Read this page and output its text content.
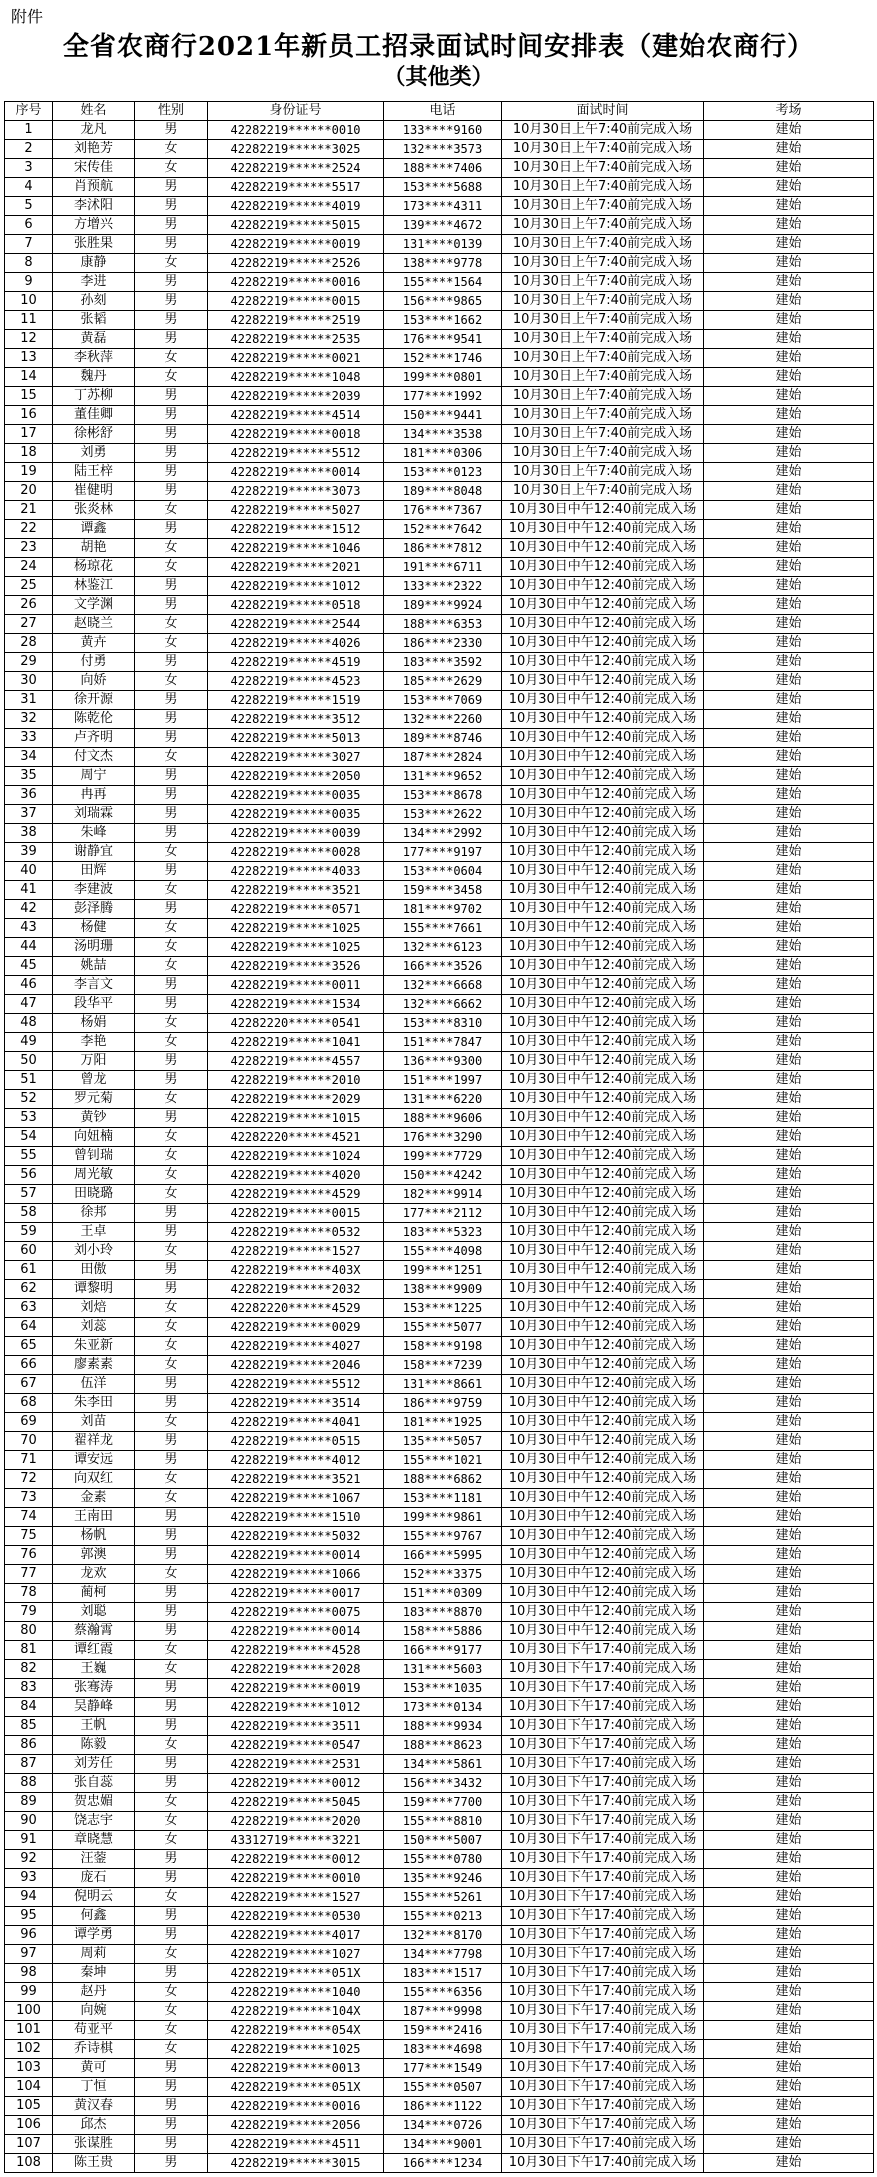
附件
全省农商行2021年新员工招录面试时间安排表（建始农商行）
（其他类）
序号	姓名	性别	身份证号	电话	面试时间	考场
1	龙凡	男	42282219******0010	133****9160	10月30日上午7:40前完成入场	建始
2	刘艳芳	女	42282219******3025	132****3573	10月30日上午7:40前完成入场	建始
3	宋传佳	女	42282219******2524	188****7406	10月30日上午7:40前完成入场	建始
4	肖预航	男	42282219******5517	153****5688	10月30日上午7:40前完成入场	建始
5	李沭阳	男	42282219******4019	173****4311	10月30日上午7:40前完成入场	建始
6	方增兴	男	42282219******5015	139****4672	10月30日上午7:40前完成入场	建始
7	张胜果	男	42282219******0019	131****0139	10月30日上午7:40前完成入场	建始
8	康静	女	42282219******2526	138****9778	10月30日上午7:40前完成入场	建始
9	李进	男	42282219******0016	155****1564	10月30日上午7:40前完成入场	建始
10	孙刻	男	42282219******0015	156****9865	10月30日上午7:40前完成入场	建始
11	张韬	男	42282219******2519	153****1662	10月30日上午7:40前完成入场	建始
12	黄磊	男	42282219******2535	176****9541	10月30日上午7:40前完成入场	建始
13	李秋萍	女	42282219******0021	152****1746	10月30日上午7:40前完成入场	建始
14	魏丹	女	42282219******1048	199****0801	10月30日上午7:40前完成入场	建始
15	丁苏柳	男	42282219******2039	177****1992	10月30日上午7:40前完成入场	建始
16	董佳卿	男	42282219******4514	150****9441	10月30日上午7:40前完成入场	建始
17	徐彬舒	男	42282219******0018	134****3538	10月30日上午7:40前完成入场	建始
18	刘勇	男	42282219******5512	181****0306	10月30日上午7:40前完成入场	建始
19	陆王梓	男	42282219******0014	153****0123	10月30日上午7:40前完成入场	建始
20	崔健明	男	42282219******3073	189****8048	10月30日上午7:40前完成入场	建始
21	张炎林	女	42282219******5027	176****7367	10月30日中午12:40前完成入场	建始
22	谭鑫	男	42282219******1512	152****7642	10月30日中午12:40前完成入场	建始
23	胡艳	女	42282219******1046	186****7812	10月30日中午12:40前完成入场	建始
24	杨琼花	女	42282219******2021	191****6711	10月30日中午12:40前完成入场	建始
25	林鉴江	男	42282219******1012	133****2322	10月30日中午12:40前完成入场	建始
26	文学渊	男	42282219******0518	189****9924	10月30日中午12:40前完成入场	建始
27	赵晓兰	女	42282219******2544	188****6353	10月30日中午12:40前完成入场	建始
28	黄卉	女	42282219******4026	186****2330	10月30日中午12:40前完成入场	建始
29	付勇	男	42282219******4519	183****3592	10月30日中午12:40前完成入场	建始
30	向娇	女	42282219******4523	185****2629	10月30日中午12:40前完成入场	建始
31	徐开源	男	42282219******1519	153****7069	10月30日中午12:40前完成入场	建始
32	陈乾伦	男	42282219******3512	132****2260	10月30日中午12:40前完成入场	建始
33	卢齐明	男	42282219******5013	189****8746	10月30日中午12:40前完成入场	建始
34	付文杰	女	42282219******3027	187****2824	10月30日中午12:40前完成入场	建始
35	周宁	男	42282219******2050	131****9652	10月30日中午12:40前完成入场	建始
36	冉再	男	42282219******0035	153****8678	10月30日中午12:40前完成入场	建始
37	刘瑞霖	男	42282219******0035	153****2622	10月30日中午12:40前完成入场	建始
38	朱峰	男	42282219******0039	134****2992	10月30日中午12:40前完成入场	建始
39	谢静宜	女	42282219******0028	177****9197	10月30日中午12:40前完成入场	建始
40	田辉	男	42282219******4033	153****0604	10月30日中午12:40前完成入场	建始
41	李建波	女	42282219******3521	159****3458	10月30日中午12:40前完成入场	建始
42	彭泽腾	男	42282219******0571	181****9702	10月30日中午12:40前完成入场	建始
43	杨健	女	42282219******1025	155****7661	10月30日中午12:40前完成入场	建始
44	汤明珊	女	42282219******1025	132****6123	10月30日中午12:40前完成入场	建始
45	姚喆	女	42282219******3526	166****3526	10月30日中午12:40前完成入场	建始
46	李言文	男	42282219******0011	132****6668	10月30日中午12:40前完成入场	建始
47	段华平	男	42282219******1534	132****6662	10月30日中午12:40前完成入场	建始
48	杨娟	女	42282220******0541	153****8310	10月30日中午12:40前完成入场	建始
49	李艳	女	42282219******1041	151****7847	10月30日中午12:40前完成入场	建始
50	万阳	男	42282219******4557	136****9300	10月30日中午12:40前完成入场	建始
51	曾龙	男	42282219******2010	151****1997	10月30日中午12:40前完成入场	建始
52	罗元菊	女	42282219******2029	131****6220	10月30日中午12:40前完成入场	建始
53	黄钞	男	42282219******1015	188****9606	10月30日中午12:40前完成入场	建始
54	向妞楠	女	42282220******4521	176****3290	10月30日中午12:40前完成入场	建始
55	曾钊瑞	女	42282219******1024	199****7729	10月30日中午12:40前完成入场	建始
56	周光敏	女	42282219******4020	150****4242	10月30日中午12:40前完成入场	建始
57	田晓璐	女	42282219******4529	182****9914	10月30日中午12:40前完成入场	建始
58	徐邦	男	42282219******0015	177****2112	10月30日中午12:40前完成入场	建始
59	王卓	男	42282219******0532	183****5323	10月30日中午12:40前完成入场	建始
60	刘小玲	女	42282219******1527	155****4098	10月30日中午12:40前完成入场	建始
61	田傲	男	42282219******403X	199****1251	10月30日中午12:40前完成入场	建始
62	谭黎明	男	42282219******2032	138****9909	10月30日中午12:40前完成入场	建始
63	刘焙	女	42282220******4529	153****1225	10月30日中午12:40前完成入场	建始
64	刘蕊	女	42282219******0029	155****5077	10月30日中午12:40前完成入场	建始
65	朱亚新	女	42282219******4027	158****9198	10月30日中午12:40前完成入场	建始
66	廖素素	女	42282219******2046	158****7239	10月30日中午12:40前完成入场	建始
67	伍洋	男	42282219******5512	131****8661	10月30日中午12:40前完成入场	建始
68	朱李田	男	42282219******3514	186****9759	10月30日中午12:40前完成入场	建始
69	刘苗	女	42282219******4041	181****1925	10月30日中午12:40前完成入场	建始
70	翟祥龙	男	42282219******0515	135****5057	10月30日中午12:40前完成入场	建始
71	谭安远	男	42282219******4012	155****1021	10月30日中午12:40前完成入场	建始
72	向双红	女	42282219******3521	188****6862	10月30日中午12:40前完成入场	建始
73	金素	女	42282219******1067	153****1181	10月30日中午12:40前完成入场	建始
74	王南田	男	42282219******1510	199****9861	10月30日中午12:40前完成入场	建始
75	杨帆	男	42282219******5032	155****9767	10月30日中午12:40前完成入场	建始
76	郭澳	男	42282219******0014	166****5995	10月30日中午12:40前完成入场	建始
77	龙欢	女	42282219******1066	152****3375	10月30日中午12:40前完成入场	建始
78	蔺柯	男	42282219******0017	151****0309	10月30日中午12:40前完成入场	建始
79	刘聪	男	42282219******0075	183****8870	10月30日中午12:40前完成入场	建始
80	蔡瀚霄	男	42282219******0014	158****5886	10月30日中午12:40前完成入场	建始
81	谭红霞	女	42282219******4528	166****9177	10月30日下午17:40前完成入场	建始
82	王巍	女	42282219******2028	131****5603	10月30日下午17:40前完成入场	建始
83	张骞涛	男	42282219******0019	153****1035	10月30日下午17:40前完成入场	建始
84	吴静峰	男	42282219******1012	173****0134	10月30日下午17:40前完成入场	建始
85	王帆	男	42282219******3511	188****9934	10月30日下午17:40前完成入场	建始
86	陈毅	女	42282219******0547	188****8623	10月30日下午17:40前完成入场	建始
87	刘芳任	男	42282219******2531	134****5861	10月30日下午17:40前完成入场	建始
88	张自蕊	男	42282219******0012	156****3432	10月30日下午17:40前完成入场	建始
89	贺忠媚	女	42282219******5045	159****7700	10月30日下午17:40前完成入场	建始
90	饶志宇	女	42282219******2020	155****8810	10月30日下午17:40前完成入场	建始
91	章晓慧	女	43312719******3221	150****5007	10月30日下午17:40前完成入场	建始
92	汪蓥	男	42282219******0012	155****0780	10月30日下午17:40前完成入场	建始
93	庞石	男	42282219******0010	135****9246	10月30日下午17:40前完成入场	建始
94	倪明云	女	42282219******1527	155****5261	10月30日下午17:40前完成入场	建始
95	何鑫	男	42282219******0530	155****0213	10月30日下午17:40前完成入场	建始
96	谭学勇	男	42282219******4017	132****8170	10月30日下午17:40前完成入场	建始
97	周莉	女	42282219******1027	134****7798	10月30日下午17:40前完成入场	建始
98	秦坤	男	42282219******051X	183****1517	10月30日下午17:40前完成入场	建始
99	赵丹	女	42282219******1040	155****6356	10月30日下午17:40前完成入场	建始
100	向婉	女	42282219******104X	187****9998	10月30日下午17:40前完成入场	建始
101	苟亚平	女	42282219******054X	159****2416	10月30日下午17:40前完成入场	建始
102	乔诗棋	女	42282219******1025	183****4698	10月30日下午17:40前完成入场	建始
103	黄可	男	42282219******0013	177****1549	10月30日下午17:40前完成入场	建始
104	丁恒	男	42282219******051X	155****0507	10月30日下午17:40前完成入场	建始
105	黄汉春	男	42282219******0016	186****1122	10月30日下午17:40前完成入场	建始
106	邱杰	男	42282219******2056	134****0726	10月30日下午17:40前完成入场	建始
107	张谋胜	男	42282219******4511	134****9001	10月30日下午17:40前完成入场	建始
108	陈王贵	男	42282219******3015	166****1234	10月30日下午17:40前完成入场	建始
